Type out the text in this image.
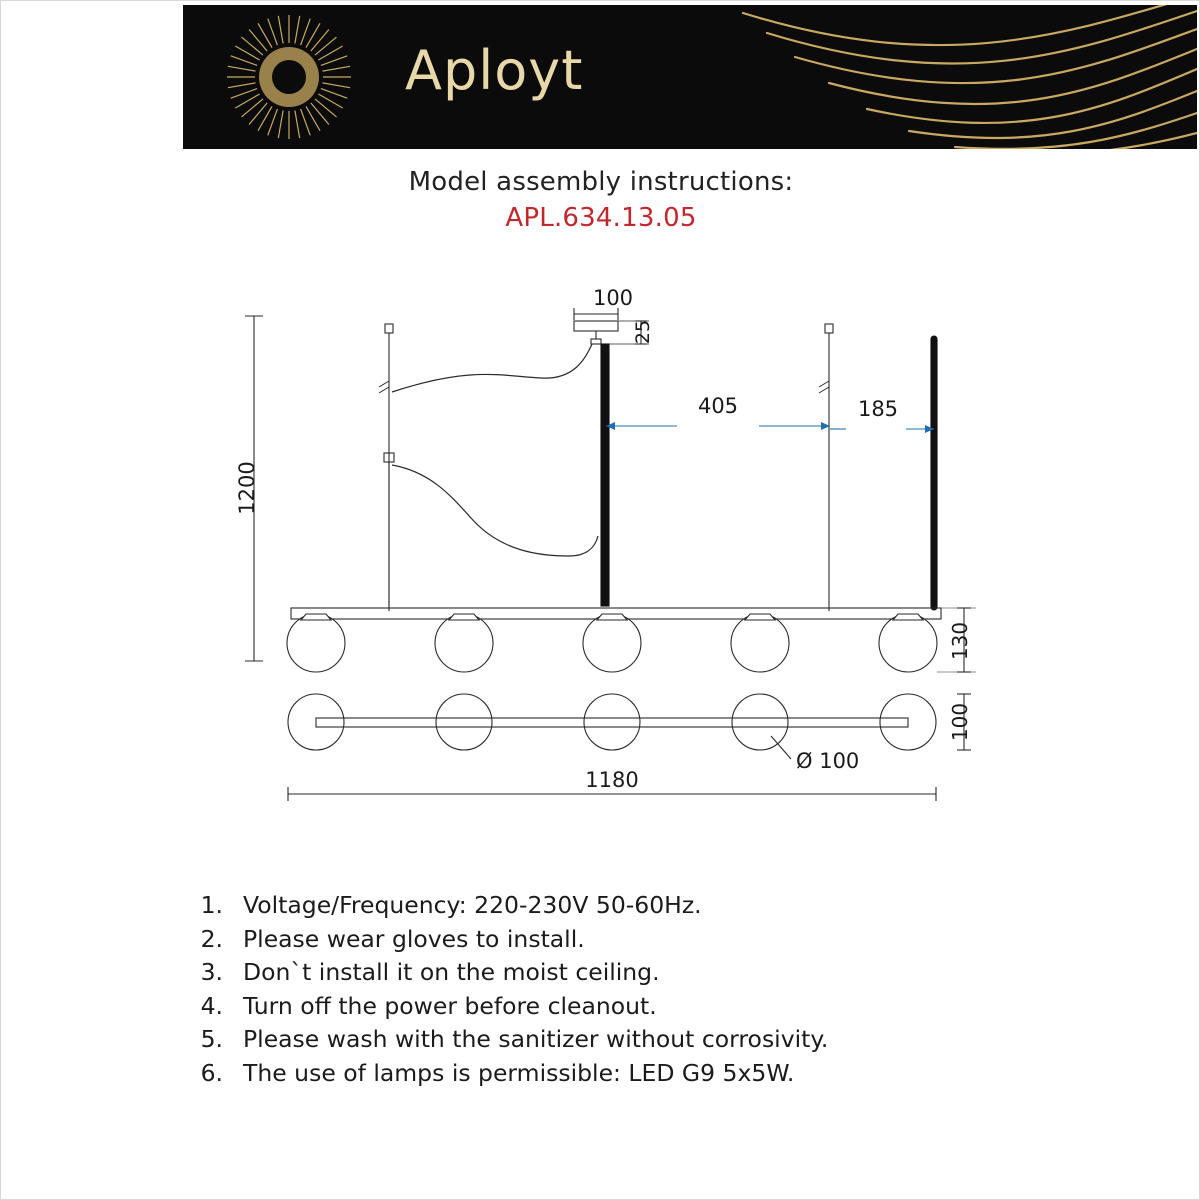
Aployt
Model assembly instructions:
APL.634.13.05
1200
100
25
405	185
130
100
Ø 100
1180
1. Voltage/Frequency: 220-230V 50-60Hz.
2. Please wear gloves to install.
3. Don`t install it on the moist ceiling.
4. Turn off the power before cleanout.
5. Please wash with the sanitizer without corrosivity.
6. The use of lamps is permissible: LED G9 5x5W.
